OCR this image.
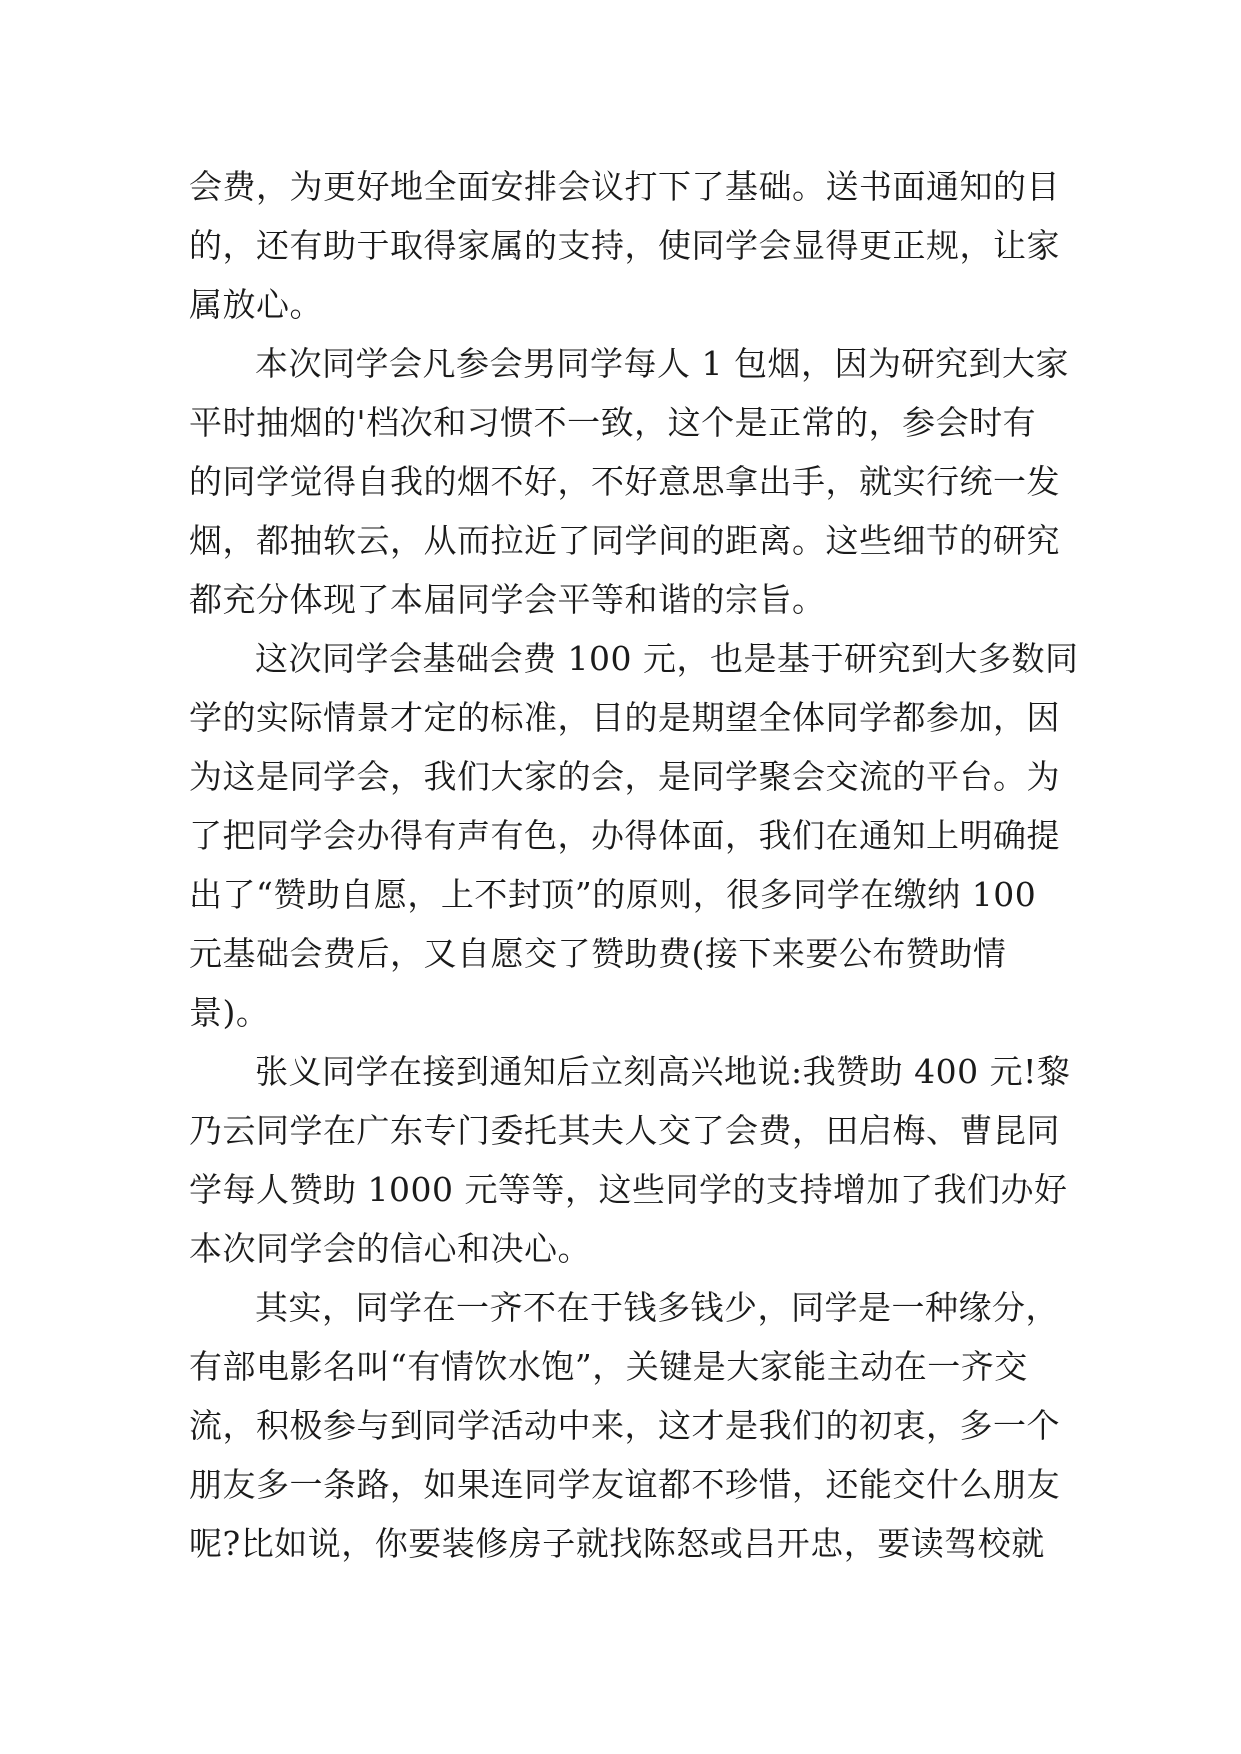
会费，为更好地全面安排会议打下了基础。送书面通知的目
的，还有助于取得家属的支持，使同学会显得更正规，让家
属放心。
本次同学会凡参会男同学每人 1 包烟，因为研究到大家
平时抽烟的'档次和习惯不一致，这个是正常的，参会时有
的同学觉得自我的烟不好，不好意思拿出手，就实行统一发
烟，都抽软云，从而拉近了同学间的距离。这些细节的研究
都充分体现了本届同学会平等和谐的宗旨。
这次同学会基础会费 100 元，也是基于研究到大多数同
学的实际情景才定的标准，目的是期望全体同学都参加，因
为这是同学会，我们大家的会，是同学聚会交流的平台。为
了把同学会办得有声有色，办得体面，我们在通知上明确提
出了“赞助自愿，上不封顶”的原则，很多同学在缴纳 100
元基础会费后，又自愿交了赞助费(接下来要公布赞助情
景)。
张义同学在接到通知后立刻高兴地说:我赞助 400 元!黎
乃云同学在广东专门委托其夫人交了会费，田启梅、曹昆同
学每人赞助 1000 元等等，这些同学的支持增加了我们办好
本次同学会的信心和决心。
其实，同学在一齐不在于钱多钱少，同学是一种缘分，
有部电影名叫“有情饮水饱”，关键是大家能主动在一齐交
流，积极参与到同学活动中来，这才是我们的初衷，多一个
朋友多一条路，如果连同学友谊都不珍惜，还能交什么朋友
呢?比如说，你要装修房子就找陈怒或吕开忠，要读驾校就
